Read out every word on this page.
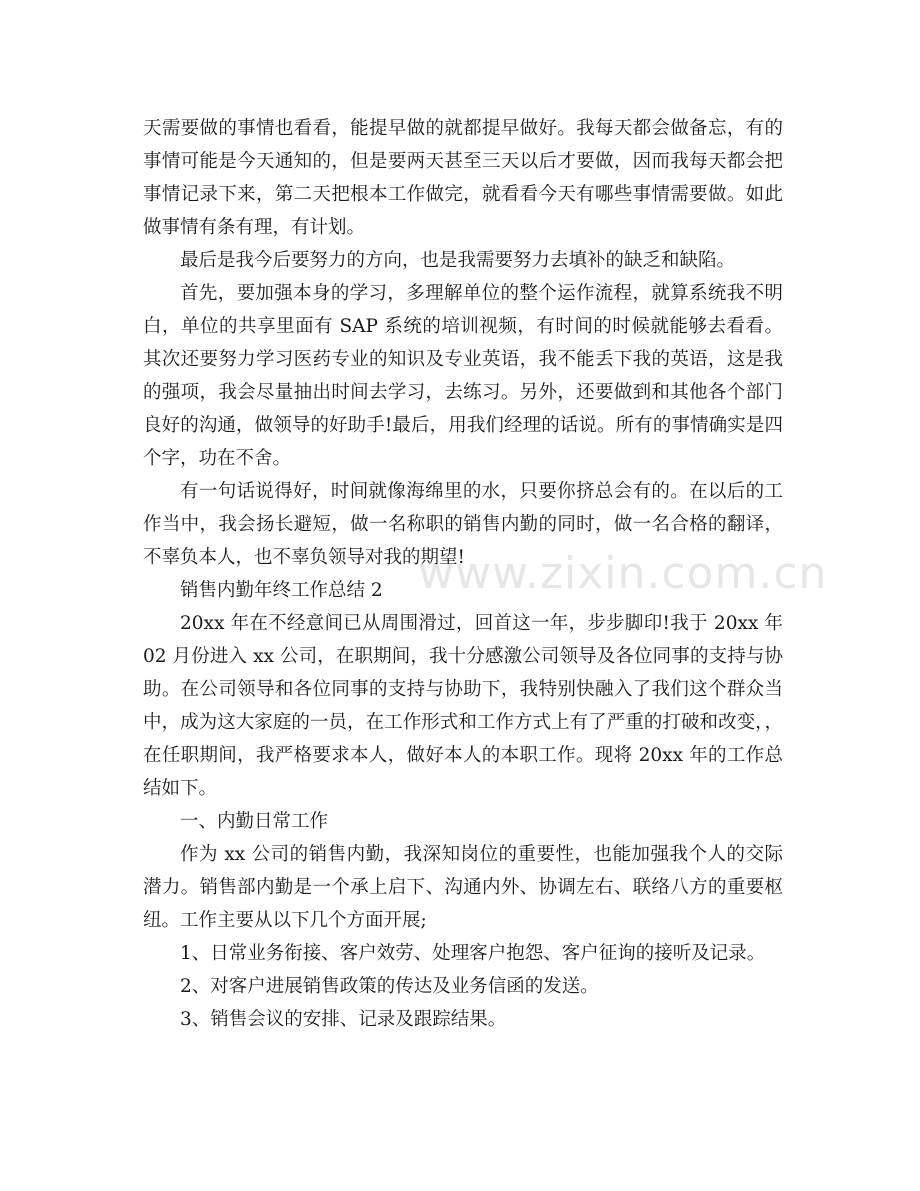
天需要做的事情也看看，能提早做的就都提早做好。我每天都会做备忘，有的事情可能是今天通知的，但是要两天甚至三天以后才要做，因而我每天都会把事情记录下来，第二天把根本工作做完，就看看今天有哪些事情需要做。如此做事情有条有理，有计划。

最后是我今后要努力的方向，也是我需要努力去填补的缺乏和缺陷。

首先，要加强本身的学习，多理解单位的整个运作流程，就算系统我不明白，单位的共享里面有 SAP 系统的培训视频，有时间的时候就能够去看看。其次还要努力学习医药专业的知识及专业英语，我不能丢下我的英语，这是我的强项，我会尽量抽出时间去学习，去练习。另外，还要做到和其他各个部门良好的沟通，做领导的好助手!最后，用我们经理的话说。所有的事情确实是四个字，功在不舍。

有一句话说得好，时间就像海绵里的水，只要你挤总会有的。在以后的工作当中，我会扬长避短，做一名称职的销售内勤的同时，做一名合格的翻译，不辜负本人，也不辜负领导对我的期望!

销售内勤年终工作总结 2

20xx 年在不经意间已从周围滑过，回首这一年，步步脚印!我于 20xx 年 02 月份进入 xx 公司，在职期间，我十分感激公司领导及各位同事的支持与协助。在公司领导和各位同事的支持与协助下，我特别快融入了我们这个群众当中，成为这大家庭的一员，在工作形式和工作方式上有了严重的打破和改变，，在任职期间，我严格要求本人，做好本人的本职工作。现将 20xx 年的工作总结如下。

一、内勤日常工作

作为 xx 公司的销售内勤，我深知岗位的重要性，也能加强我个人的交际潜力。销售部内勤是一个承上启下、沟通内外、协调左右、联络八方的重要枢纽。工作主要从以下几个方面开展;

1、日常业务衔接、客户效劳、处理客户抱怨、客户征询的接听及记录。

2、对客户进展销售政策的传达及业务信函的发送。

3、销售会议的安排、记录及跟踪结果。

www.zixin.com.cn
